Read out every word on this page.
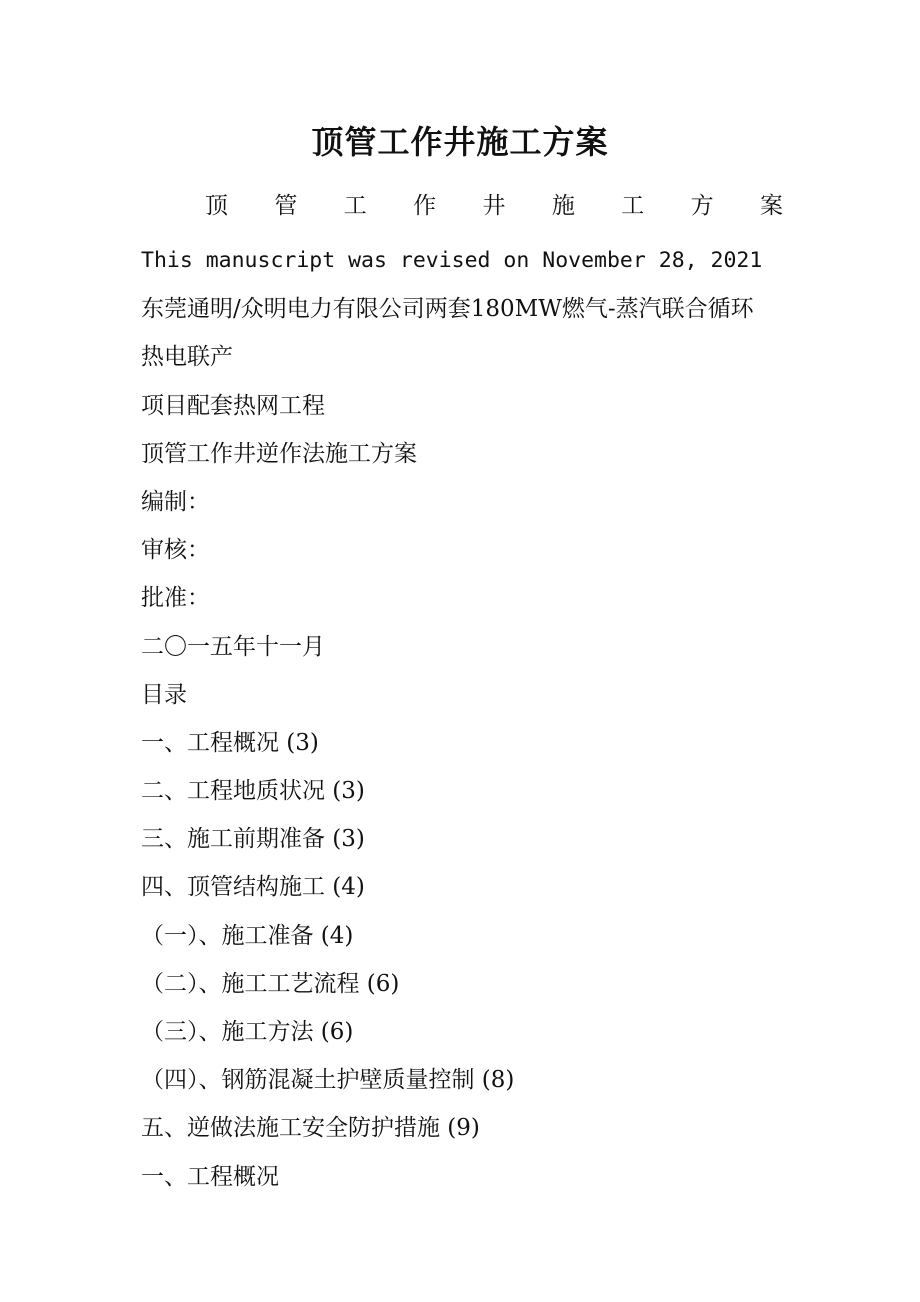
顶管工作井施工方案
顶 管 工 作 井 施 工 方 案
This manuscript was revised on November 28, 2021
东莞通明/众明电力有限公司两套180MW燃气-蒸汽联合循环
热电联产
项目配套热网工程
顶管工作井逆作法施工方案
编制：
审核：
批准：
二〇一五年十一月
目录
一、工程概况 (3)
二、工程地质状况 (3)
三、施工前期准备 (3)
四、顶管结构施工 (4)
（一）、施工准备 (4)
（二）、施工工艺流程 (6)
（三）、施工方法 (6)
（四）、钢筋混凝土护壁质量控制 (8)
五、逆做法施工安全防护措施 (9)
一、工程概况
